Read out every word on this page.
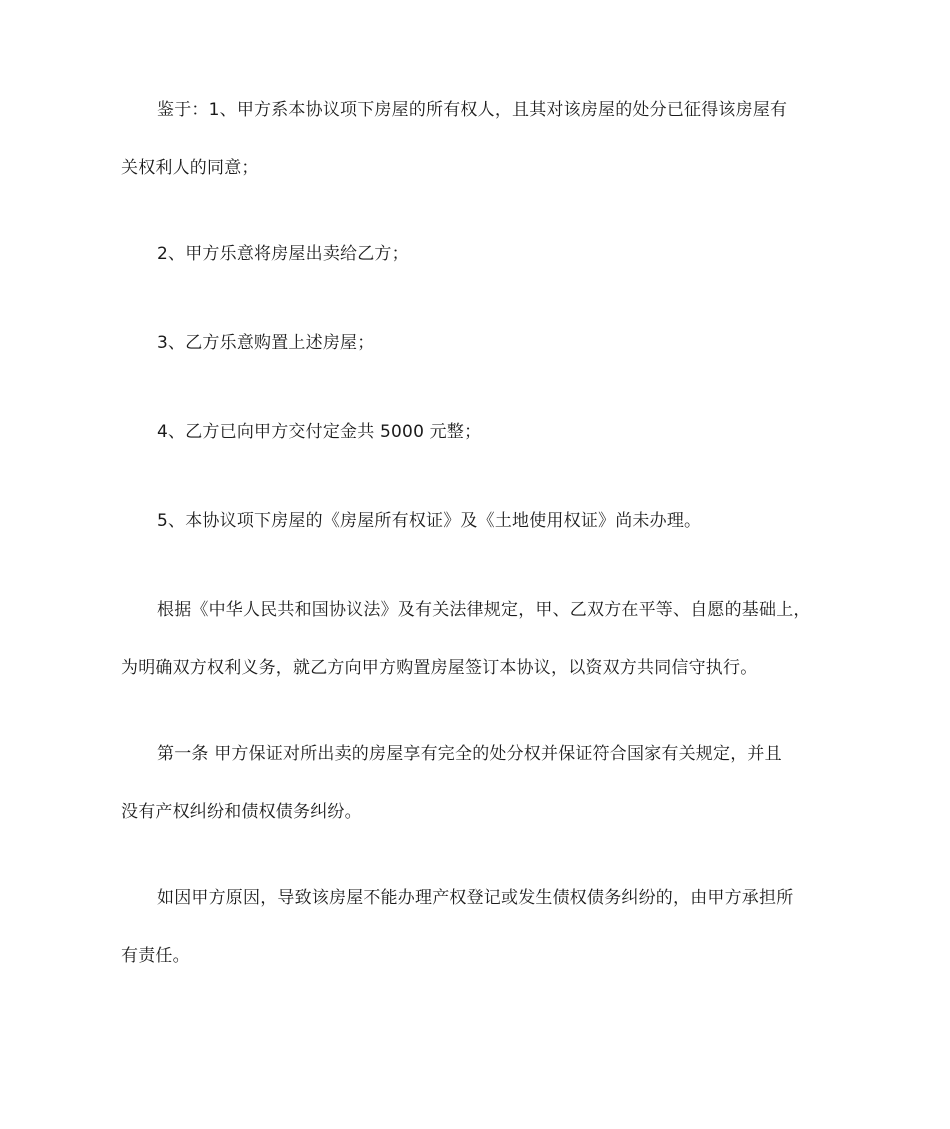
鉴于：1、甲方系本协议项下房屋的所有权人，且其对该房屋的处分已征得该房屋有
关权利人的同意；
2、甲方乐意将房屋出卖给乙方；
3、乙方乐意购置上述房屋；
4、乙方已向甲方交付定金共 5000 元整；
5、本协议项下房屋的《房屋所有权证》及《土地使用权证》尚未办理。
根据《中华人民共和国协议法》及有关法律规定，甲、乙双方在平等、自愿的基础上，
为明确双方权利义务，就乙方向甲方购置房屋签订本协议，以资双方共同信守执行。
第一条 甲方保证对所出卖的房屋享有完全的处分权并保证符合国家有关规定，并且
没有产权纠纷和债权债务纠纷。
如因甲方原因，导致该房屋不能办理产权登记或发生债权债务纠纷的，由甲方承担所
有责任。
